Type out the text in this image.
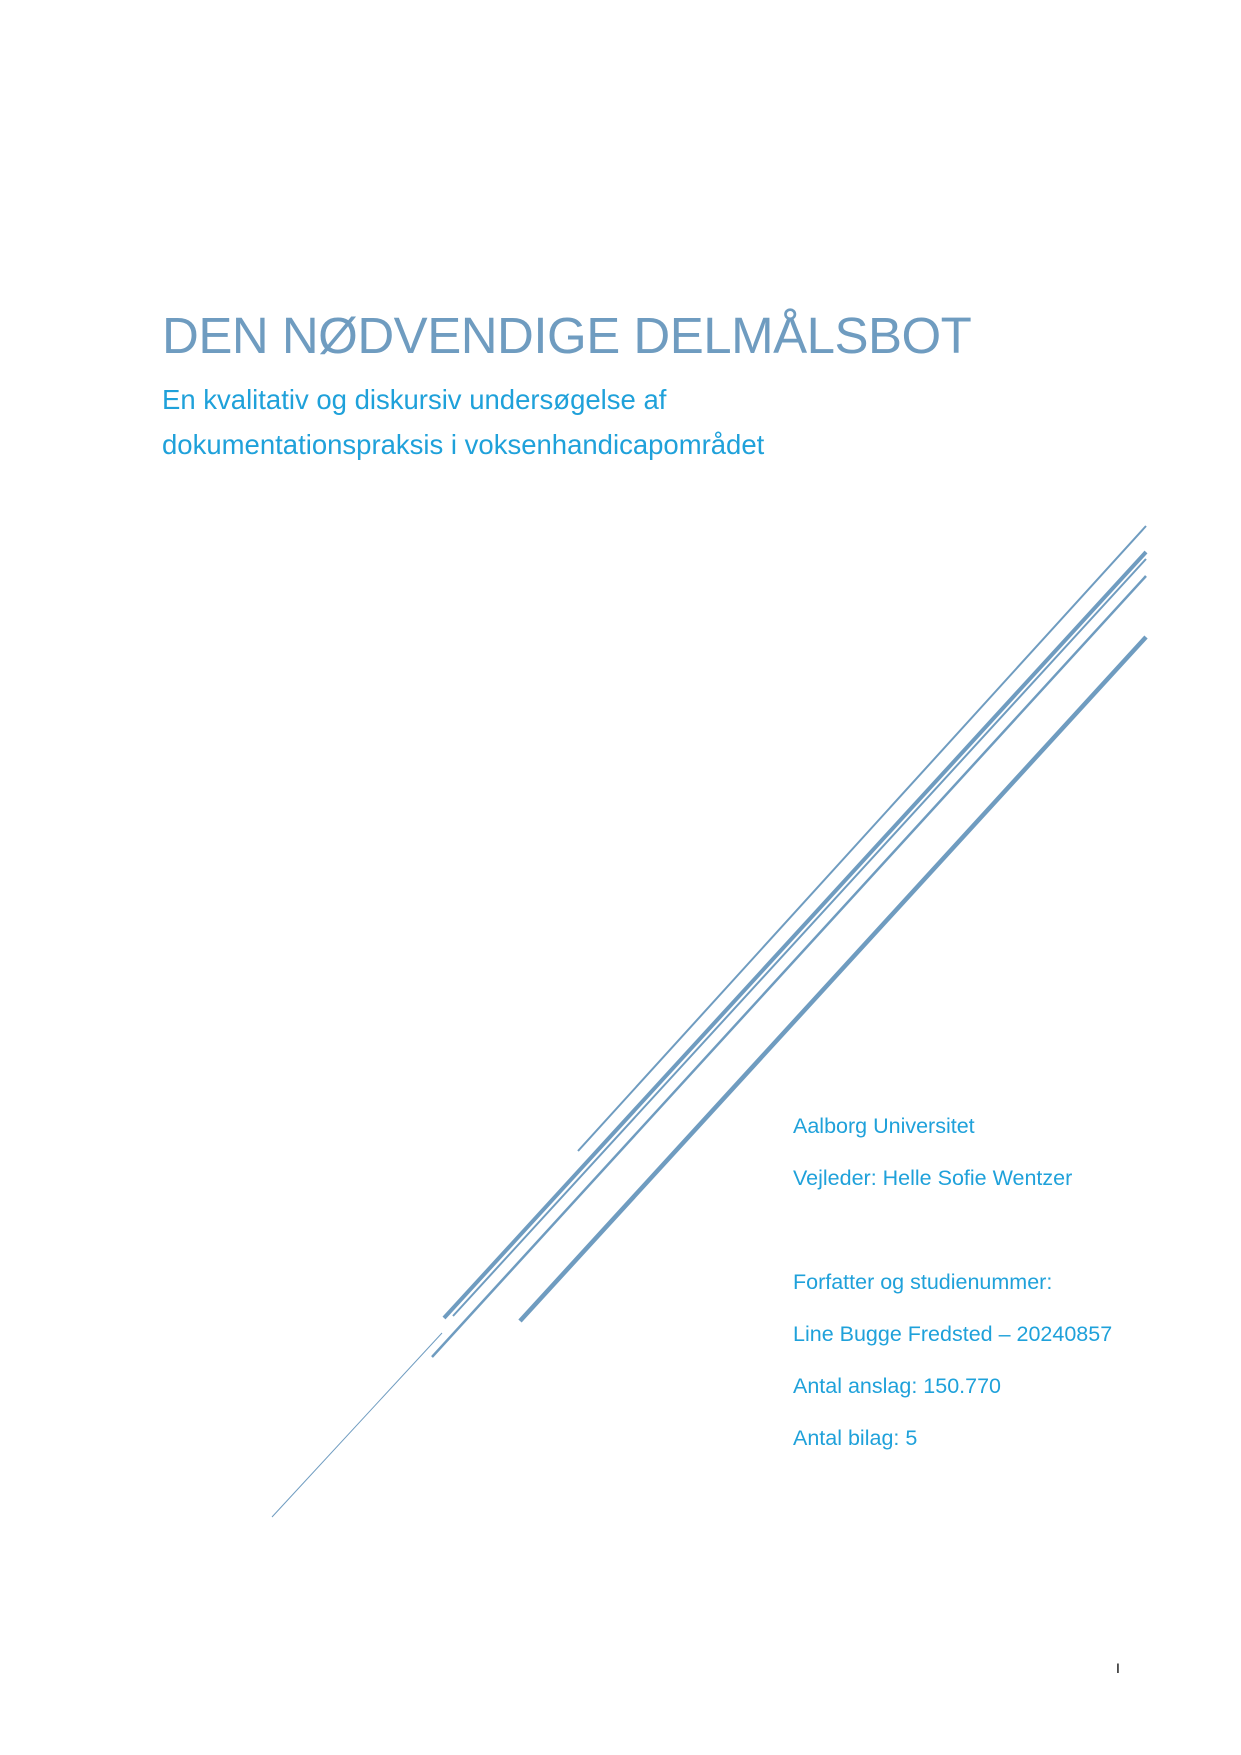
DEN NØDVENDIGE DELMÅLSBOT
En kvalitativ og diskursiv undersøgelse af
dokumentationspraksis i voksenhandicapområdet
Aalborg Universitet
Vejleder: Helle Sofie Wentzer
Forfatter og studienummer:
Line Bugge Fredsted – 20240857
Antal anslag: 150.770
Antal bilag: 5
I
